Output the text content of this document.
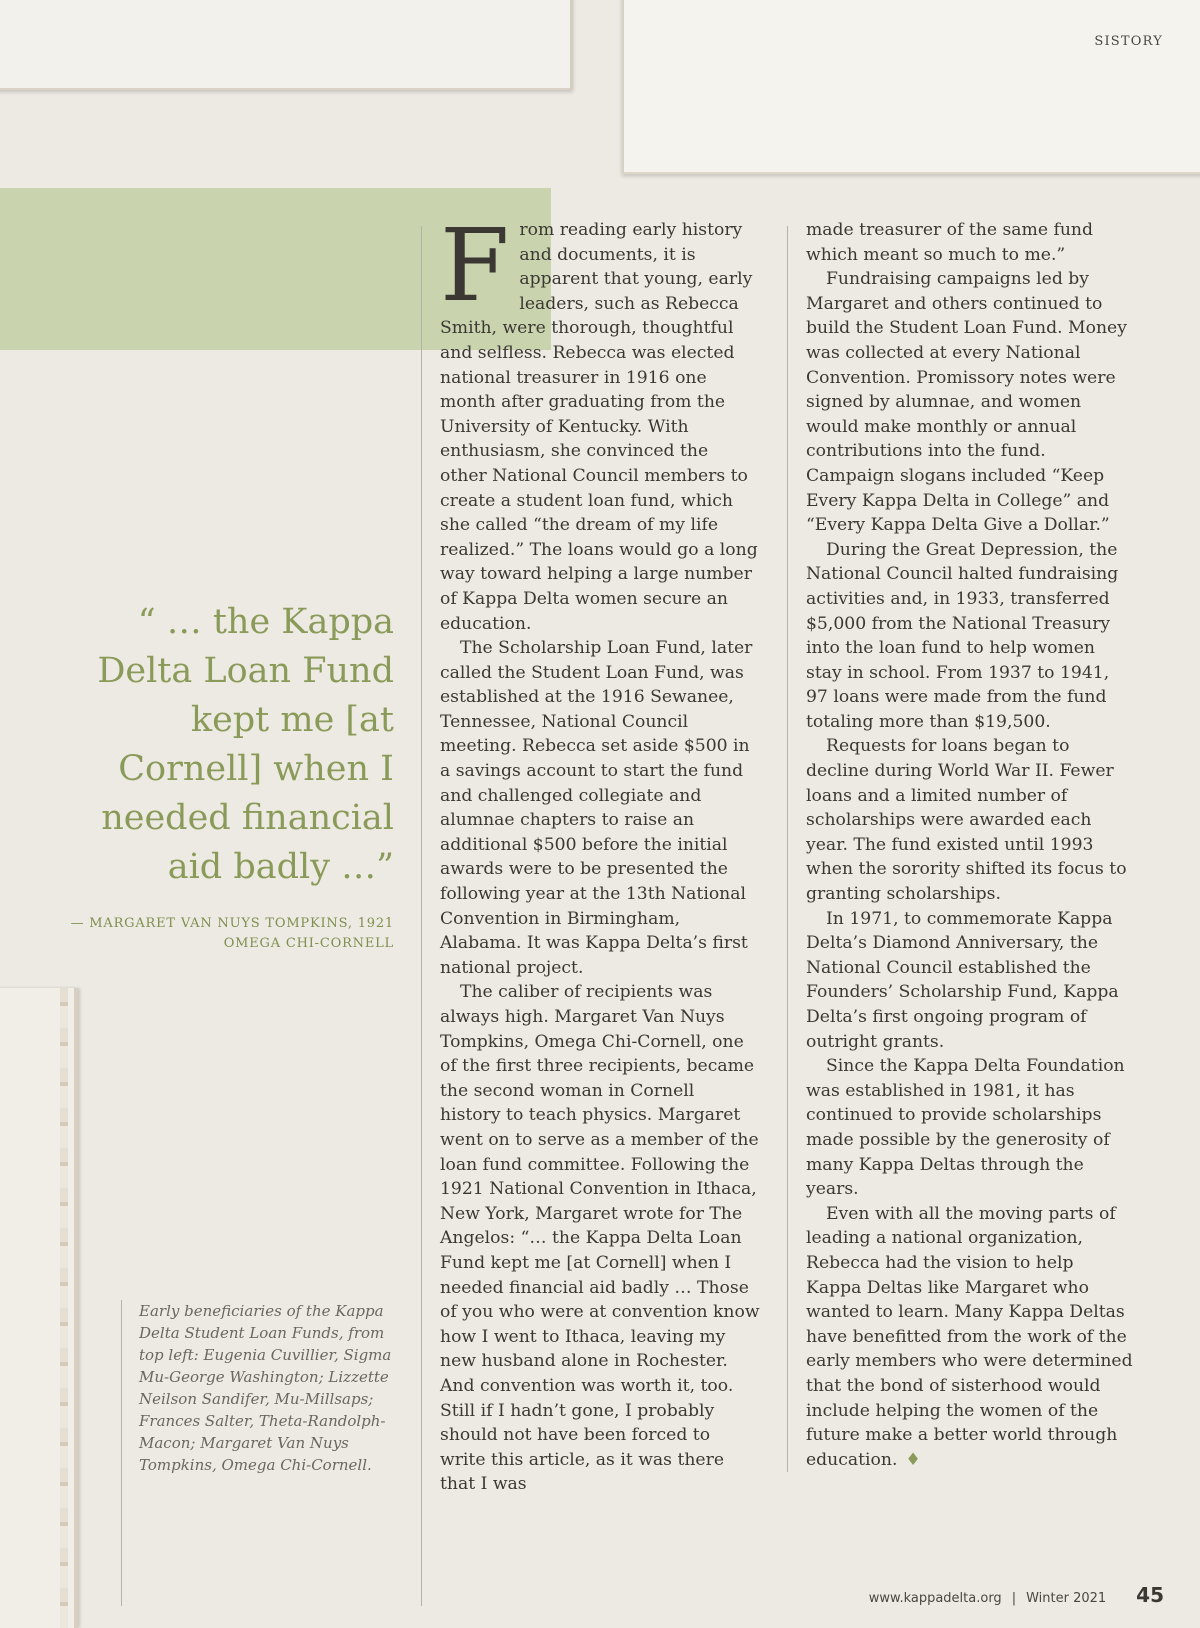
SISTORY

“ … the Kappa Delta Loan Fund kept me [at Cornell] when I needed financial aid badly …”

— MARGARET VAN NUYS TOMPKINS, 1921
OMEGA CHI-CORNELL

Early beneficiaries of the Kappa Delta Student Loan Funds, from top left: Eugenia Cuvillier, Sigma Mu-George Washington; Lizzette Neilson Sandifer, Mu-Millsaps; Frances Salter, Theta-Randolph-Macon; Margaret Van Nuys Tompkins, Omega Chi-Cornell.

From reading early history and documents, it is apparent that young, early leaders, such as Rebecca Smith, were thorough, thoughtful and selfless. Rebecca was elected national treasurer in 1916 one month after graduating from the University of Kentucky. With enthusiasm, she convinced the other National Council members to create a student loan fund, which she called “the dream of my life realized.” The loans would go a long way toward helping a large number of Kappa Delta women secure an education.

The Scholarship Loan Fund, later called the Student Loan Fund, was established at the 1916 Sewanee, Tennessee, National Council meeting. Rebecca set aside $500 in a savings account to start the fund and challenged collegiate and alumnae chapters to raise an additional $500 before the initial awards were to be presented the following year at the 13th National Convention in Birmingham, Alabama. It was Kappa Delta’s first national project.

The caliber of recipients was always high. Margaret Van Nuys Tompkins, Omega Chi-Cornell, one of the first three recipients, became the second woman in Cornell history to teach physics. Margaret went on to serve as a member of the loan fund committee. Following the 1921 National Convention in Ithaca, New York, Margaret wrote for The Angelos: “… the Kappa Delta Loan Fund kept me [at Cornell] when I needed financial aid badly … Those of you who were at convention know how I went to Ithaca, leaving my new husband alone in Rochester. And convention was worth it, too. Still if I hadn’t gone, I probably should not have been forced to write this article, as it was there that I was

made treasurer of the same fund which meant so much to me.”

Fundraising campaigns led by Margaret and others continued to build the Student Loan Fund. Money was collected at every National Convention. Promissory notes were signed by alumnae, and women would make monthly or annual contributions into the fund. Campaign slogans included “Keep Every Kappa Delta in College” and “Every Kappa Delta Give a Dollar.”

During the Great Depression, the National Council halted fundraising activities and, in 1933, transferred $5,000 from the National Treasury into the loan fund to help women stay in school. From 1937 to 1941, 97 loans were made from the fund totaling more than $19,500.

Requests for loans began to decline during World War II. Fewer loans and a limited number of scholarships were awarded each year. The fund existed until 1993 when the sorority shifted its focus to granting scholarships.

In 1971, to commemorate Kappa Delta’s Diamond Anniversary, the National Council established the Founders’ Scholarship Fund, Kappa Delta’s first ongoing program of outright grants.

Since the Kappa Delta Foundation was established in 1981, it has continued to provide scholarships made possible by the generosity of many Kappa Deltas through the years.

Even with all the moving parts of leading a national organization, Rebecca had the vision to help Kappa Deltas like Margaret who wanted to learn. Many Kappa Deltas have benefitted from the work of the early members who were determined that the bond of sisterhood would include helping the women of the future make a better world through education. ♦

www.kappadelta.org | Winter 2021 45
